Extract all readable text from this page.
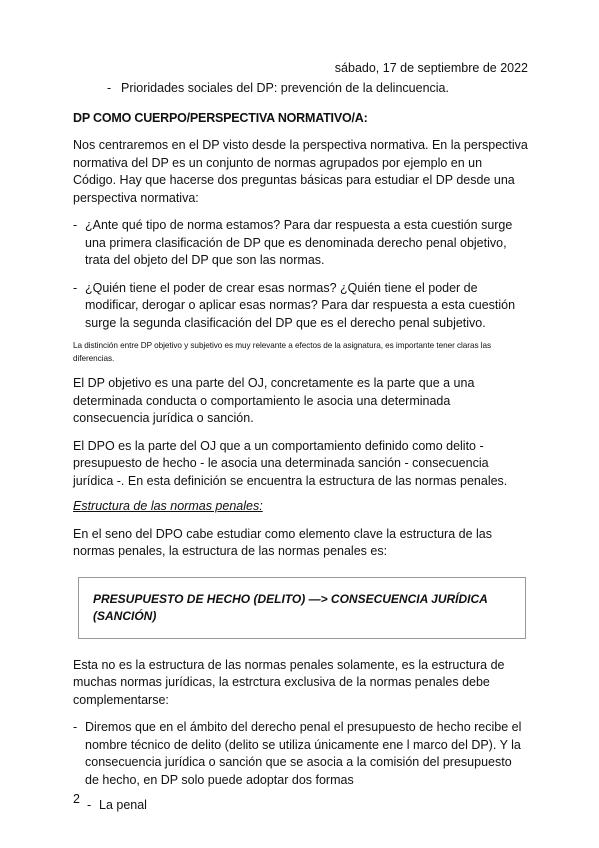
sábado, 17 de septiembre de 2022
- Prioridades sociales del DP: prevención de la delincuencia.
DP COMO CUERPO/PERSPECTIVA NORMATIVO/A:

Nos centraremos en el DP visto desde la perspectiva normativa. En la perspectiva normativa del DP es un conjunto de normas agrupados por ejemplo en un Código. Hay que hacerse dos preguntas básicas para estudiar el DP desde una perspectiva normativa:

- ¿Ante qué tipo de norma estamos? Para dar respuesta a esta cuestión surge una primera clasificación de DP que es denominada derecho penal objetivo, trata del objeto del DP que son las normas.
- ¿Quién tiene el poder de crear esas normas? ¿Quién tiene el poder de modificar, derogar o aplicar esas normas? Para dar respuesta a esta cuestión surge la segunda clasificación del DP que es el derecho penal subjetivo.
La distinción entre DP objetivo y subjetivo es muy relevante a efectos de la asignatura, es importante tener claras las diferencias.

El DP objetivo es una parte del OJ, concretamente es la parte que a una determinada conducta o comportamiento le asocia una determinada consecuencia jurídica o sanción.

El DPO es la parte del OJ que a un comportamiento definido como delito - presupuesto de hecho - le asocia una determinada sanción - consecuencia jurídica -. En esta definición se encuentra la estructura de las normas penales.

Estructura de las normas penales:

En el seno del DPO cabe estudiar como elemento clave la estructura de las normas penales, la estructura de las normas penales es:

PRESUPUESTO DE HECHO (DELITO) —> CONSECUENCIA JURÍDICA (SANCIÓN)

Esta no es la estructura de las normas penales solamente, es la estructura de muchas normas jurídicas, la estrctura exclusiva de la normas penales debe complementarse:

- Diremos que en el ámbito del derecho penal el presupuesto de hecho recibe el nombre técnico de delito (delito se utiliza únicamente ene l marco del DP). Y la consecuencia jurídica o sanción que se asocia a la comisión del presupuesto de hecho, en DP solo puede adoptar dos formas
- La penal
2
